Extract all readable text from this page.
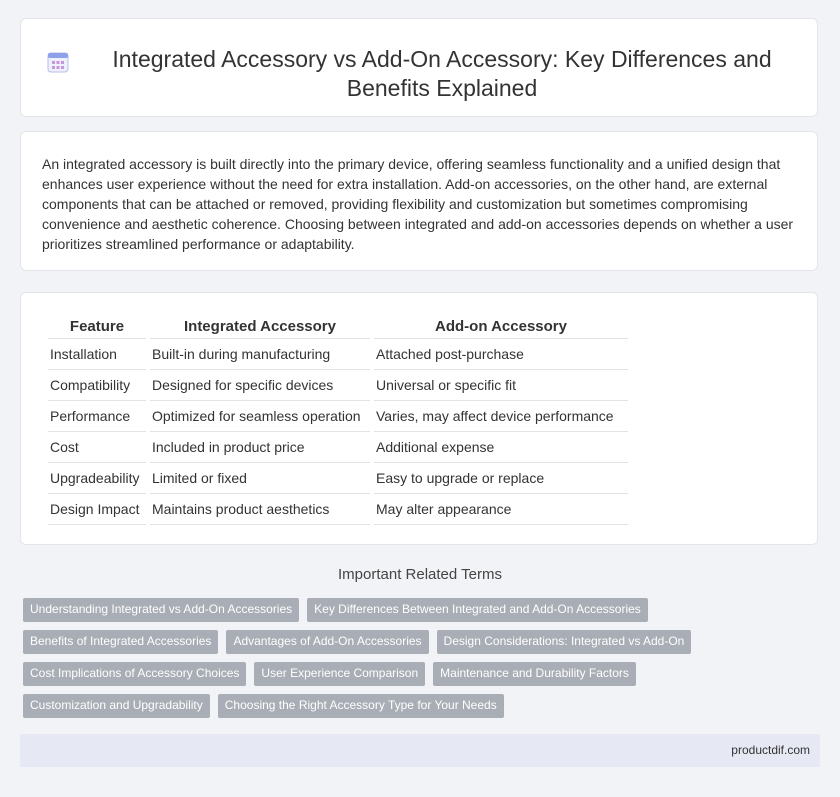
Integrated Accessory vs Add-On Accessory: Key Differences and Benefits Explained

An integrated accessory is built directly into the primary device, offering seamless functionality and a unified design that enhances user experience without the need for extra installation. Add-on accessories, on the other hand, are external components that can be attached or removed, providing flexibility and customization but sometimes compromising convenience and aesthetic coherence. Choosing between integrated and add-on accessories depends on whether a user prioritizes streamlined performance or adaptability.

Feature	Integrated Accessory	Add-on Accessory
Installation	Built-in during manufacturing	Attached post-purchase
Compatibility	Designed for specific devices	Universal or specific fit
Performance	Optimized for seamless operation	Varies, may affect device performance
Cost	Included in product price	Additional expense
Upgradeability	Limited or fixed	Easy to upgrade or replace
Design Impact	Maintains product aesthetics	May alter appearance
Important Related Terms
Understanding Integrated vs Add-On Accessories	Key Differences Between Integrated and Add-On Accessories
Benefits of Integrated Accessories	Advantages of Add-On Accessories	Design Considerations: Integrated vs Add-On
Cost Implications of Accessory Choices	User Experience Comparison	Maintenance and Durability Factors
Customization and Upgradability	Choosing the Right Accessory Type for Your Needs
productdif.com
